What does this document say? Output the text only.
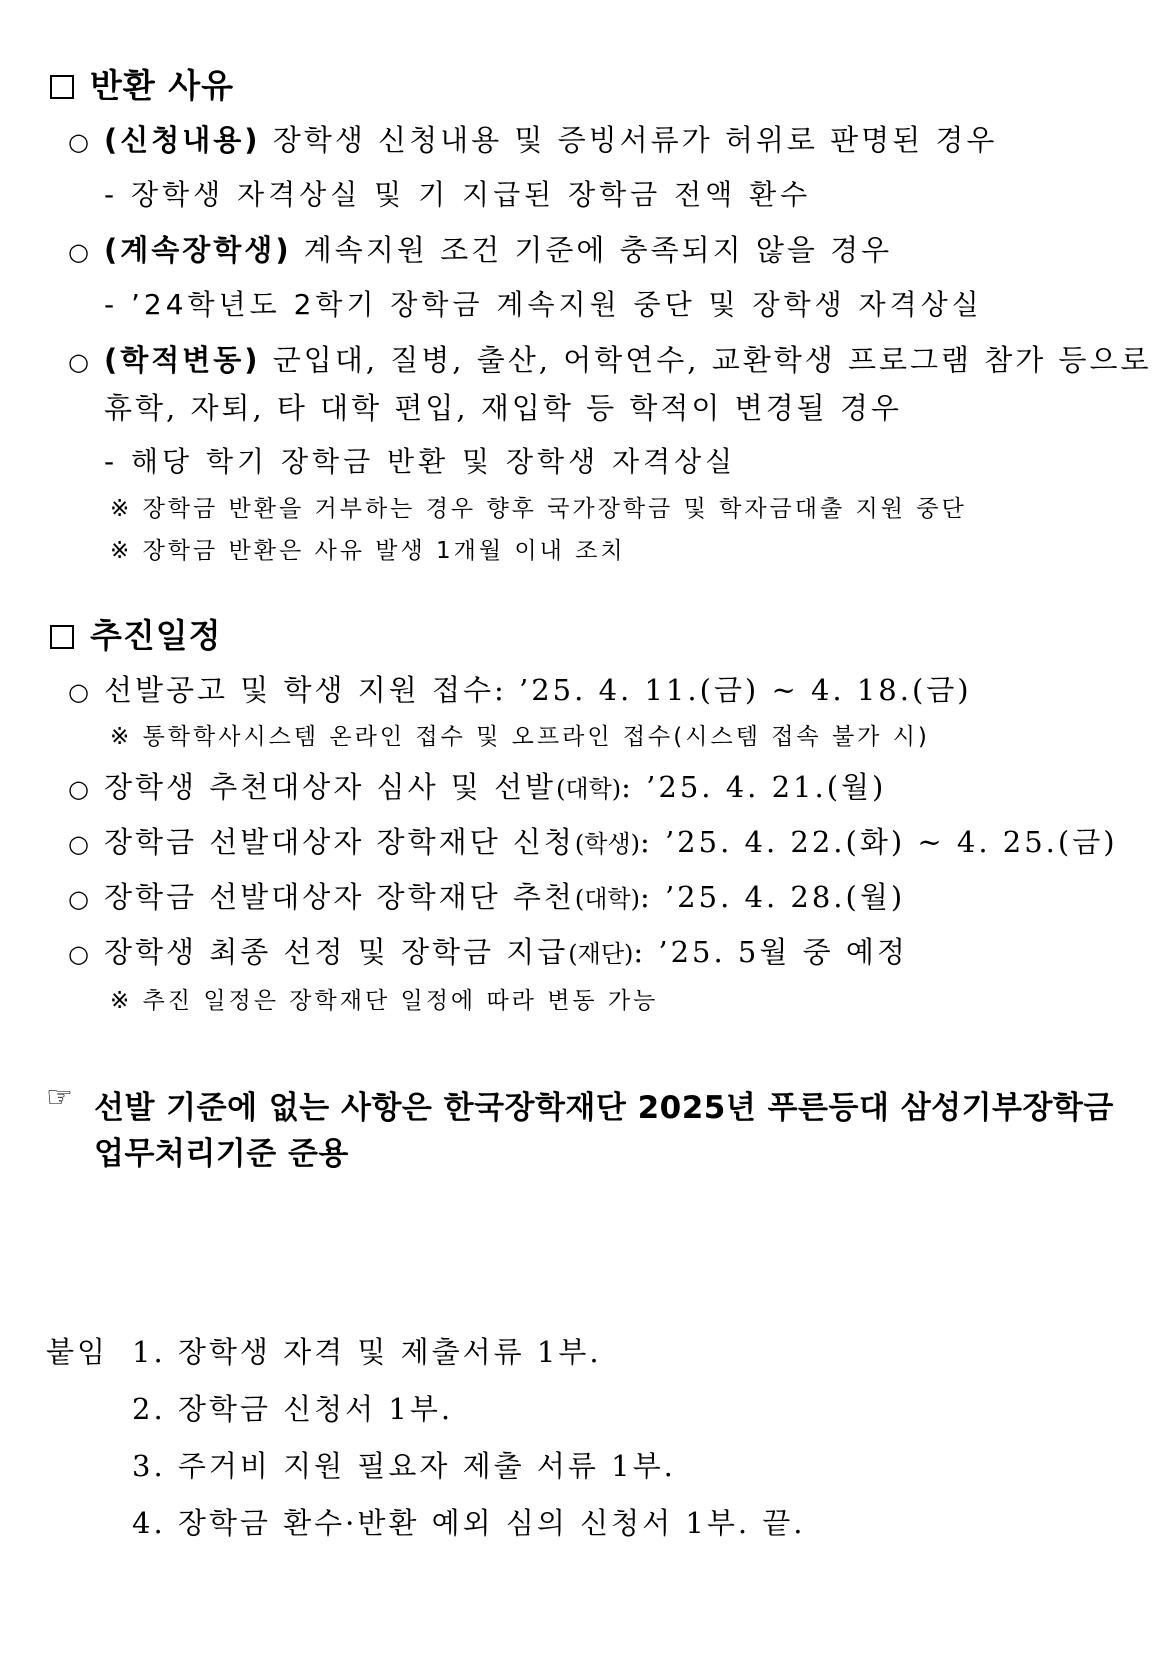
반환 사유
○ (신청내용) 장학생 신청내용 및 증빙서류가 허위로 판명된 경우
- 장학생 자격상실 및 기 지급된 장학금 전액 환수
○ (계속장학생) 계속지원 조건 기준에 충족되지 않을 경우
- ’24학년도 2학기 장학금 계속지원 중단 및 장학생 자격상실
○ (학적변동) 군입대, 질병, 출산, 어학연수, 교환학생 프로그램 참가 등으로
휴학, 자퇴, 타 대학 편입, 재입학 등 학적이 변경될 경우
- 해당 학기 장학금 반환 및 장학생 자격상실
※ 장학금 반환을 거부하는 경우 향후 국가장학금 및 학자금대출 지원 중단
※ 장학금 반환은 사유 발생 1개월 이내 조치
추진일정
○ 선발공고 및 학생 지원 접수: ’25. 4. 11.(금) ~ 4. 18.(금)
※ 통학학사시스템 온라인 접수 및 오프라인 접수(시스템 접속 불가 시)
○ 장학생 추천대상자 심사 및 선발(대학): ’25. 4. 21.(월)
○ 장학금 선발대상자 장학재단 신청(학생): ’25. 4. 22.(화) ~ 4. 25.(금)
○ 장학금 선발대상자 장학재단 추천(대학): ’25. 4. 28.(월)
○ 장학생 최종 선정 및 장학금 지급(재단): ’25. 5월 중 예정
※ 추진 일정은 장학재단 일정에 따라 변동 가능
☞ 선발 기준에 없는 사항은 한국장학재단 2025년 푸른등대 삼성기부장학금
업무처리기준 준용
붙임 1. 장학생 자격 및 제출서류 1부.
2. 장학금 신청서 1부.
3. 주거비 지원 필요자 제출 서류 1부.
4. 장학금 환수·반환 예외 심의 신청서 1부. 끝.
